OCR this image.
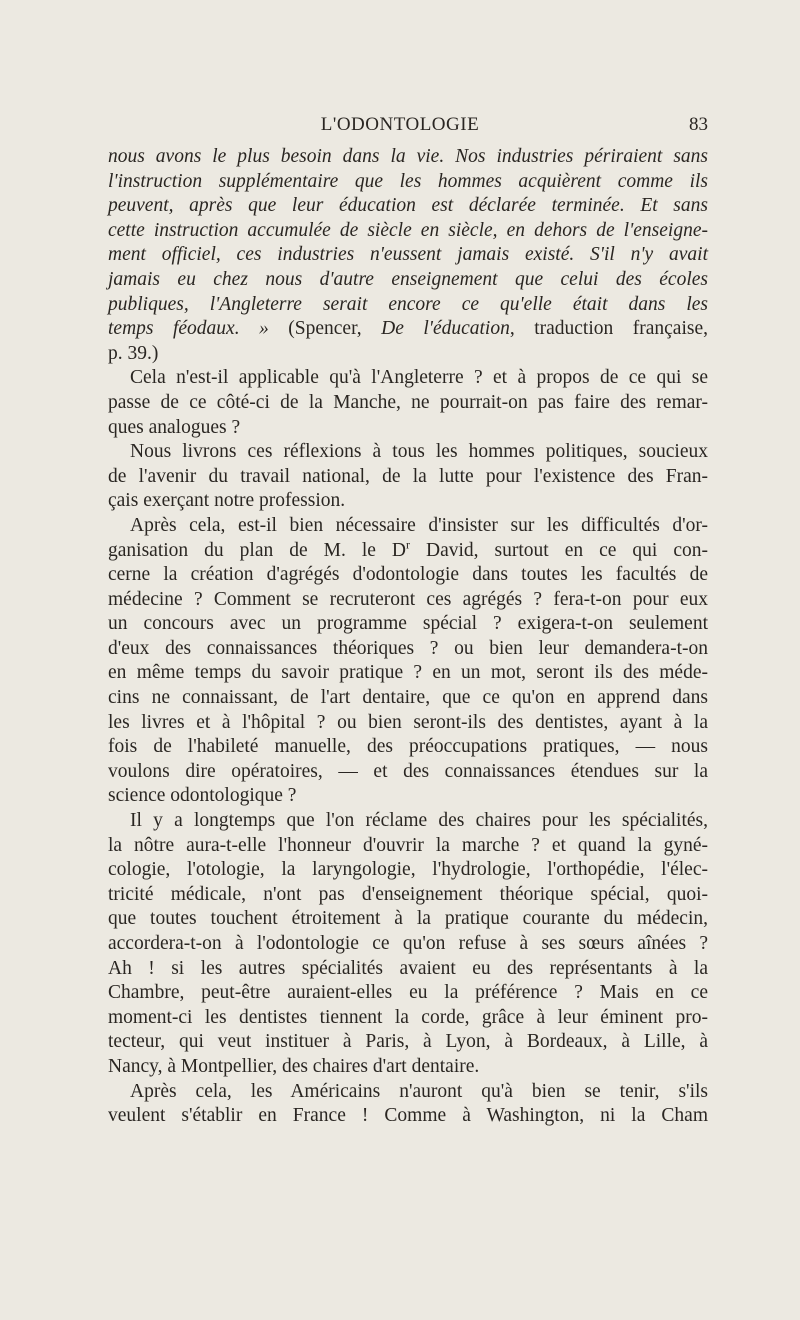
L'ODONTOLOGIE	83
nous avons le plus besoin dans la vie. Nos industries périraient sans
l'instruction supplémentaire que les hommes acquièrent comme ils
peuvent, après que leur éducation est déclarée terminée. Et sans
cette instruction accumulée de siècle en siècle, en dehors de l'enseigne-
ment officiel, ces industries n'eussent jamais existé. S'il n'y avait
jamais eu chez nous d'autre enseignement que celui des écoles
publiques, l'Angleterre serait encore ce qu'elle était dans les
temps féodaux. » (Spencer, De l'éducation, traduction française,
p. 39.)
Cela n'est-il applicable qu'à l'Angleterre ? et à propos de ce qui se
passe de ce côté-ci de la Manche, ne pourrait-on pas faire des remar-
ques analogues ?
Nous livrons ces réflexions à tous les hommes politiques, soucieux
de l'avenir du travail national, de la lutte pour l'existence des Fran-
çais exerçant notre profession.
Après cela, est-il bien nécessaire d'insister sur les difficultés d'or-
ganisation du plan de M. le $D^r$ David, surtout en ce qui con-
cerne la création d'agrégés d'odontologie dans toutes les facultés de
médecine ? Comment se recruteront ces agrégés ? fera-t-on pour eux
un concours avec un programme spécial ? exigera-t-on seulement
d'eux des connaissances théoriques ? ou bien leur demandera-t-on
en même temps du savoir pratique ? en un mot, seront ils des méde-
cins ne connaissant, de l'art dentaire, que ce qu'on en apprend dans
les livres et à l'hôpital ? ou bien seront-ils des dentistes, ayant à la
fois de l'habileté manuelle, des préoccupations pratiques, — nous
voulons dire opératoires, — et des connaissances étendues sur la
science odontologique ?
Il y a longtemps que l'on réclame des chaires pour les spécialités,
la nôtre aura-t-elle l'honneur d'ouvrir la marche ? et quand la gyné-
cologie, l'otologie, la laryngologie, l'hydrologie, l'orthopédie, l'élec-
tricité médicale, n'ont pas d'enseignement théorique spécial, quoi-
que toutes touchent étroitement à la pratique courante du médecin,
accordera-t-on à l'odontologie ce qu'on refuse à ses sœurs aînées ?
Ah ! si les autres spécialités avaient eu des représentants à la
Chambre, peut-être auraient-elles eu la préférence ? Mais en ce
moment-ci les dentistes tiennent la corde, grâce à leur éminent pro-
tecteur, qui veut instituer à Paris, à Lyon, à Bordeaux, à Lille, à
Nancy, à Montpellier, des chaires d'art dentaire.
Après cela, les Américains n'auront qu'à bien se tenir, s'ils
veulent s'établir en France ! Comme à Washington, ni la Cham
